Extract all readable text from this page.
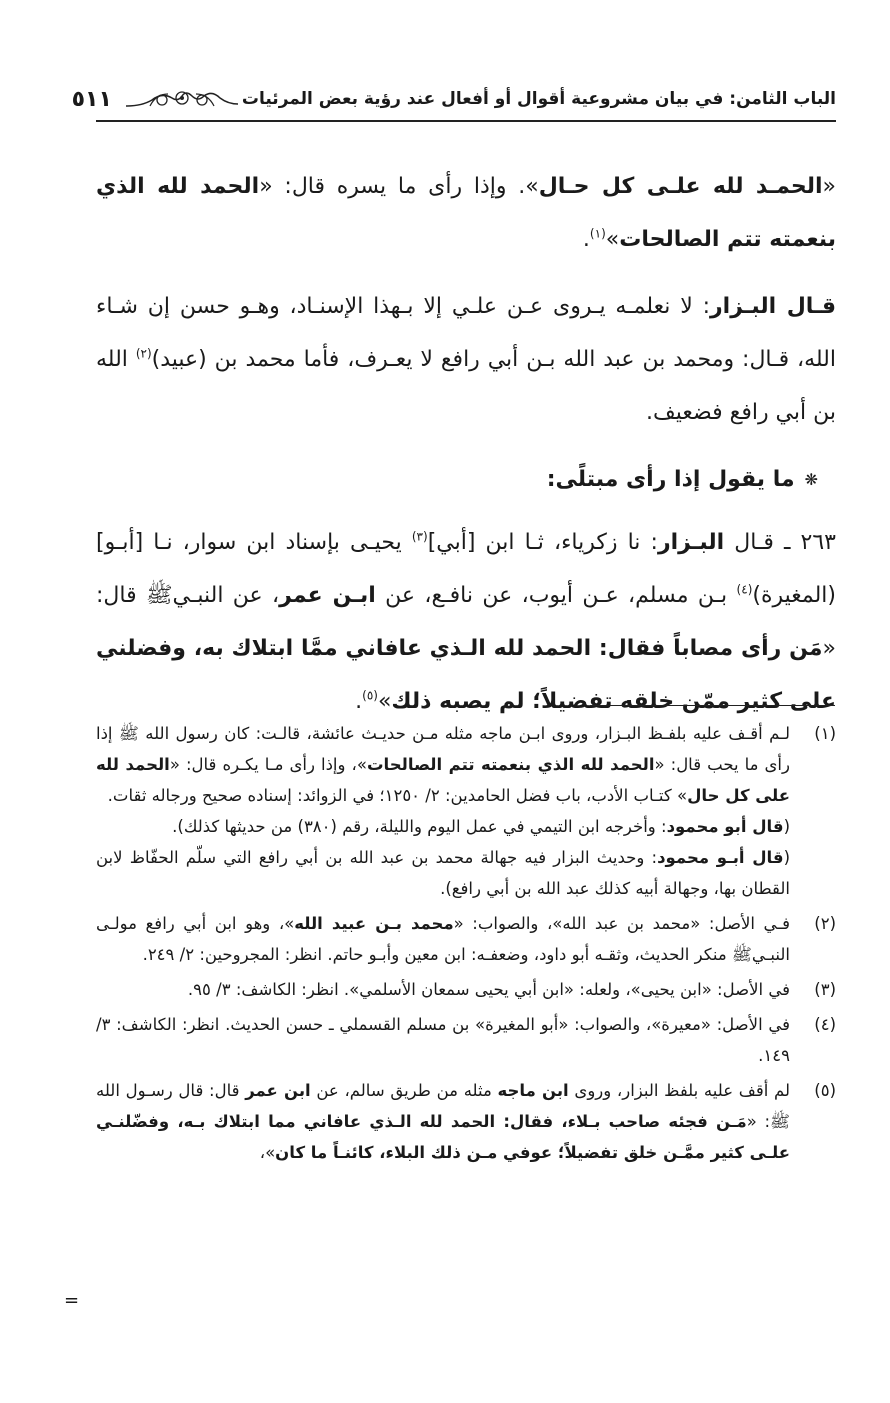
الباب الثامن: في بيان مشروعية أقوال أو أفعال عند رؤية بعض المرئيات
٥١١

«الحمـد لله علـى كل حـال». وإذا رأى ما يسره قال: «الحمد لله الذي بنعمته تتم الصالحات»$^{(١)}$.

قـال البـزار: لا نعلمـه يـروى عـن علـي إلا بـهذا الإسنـاد، وهـو حسن إن شـاء الله، قـال: ومحمد بن عبد الله بـن أبي رافع لا يعـرف، فأما محمد بن (عبيد)$^{(٢)}$ الله بن أبي رافع فضعيف.

❋
ما يقول إذا رأى مبتلًى:

٢٦٣ ـ قـال البـزار: نا زكرياء، ثـا ابن [أبي]$^{(٣)}$ يحيـى بإسناد ابن سوار، نـا [أبـو] (المغيرة)$^{(٤)}$ بـن مسلم، عـن أيوب، عن نافـع، عن ابـن عمر، عن النبـيﷺ قال: «مَن رأى مصاباً فقال: الحمد لله الـذي عافاني ممَّا ابتلاك به، وفضلني على كثير ممّن خلقه تفضيلاً؛ لم يصبه ذلك»$^{(٥)}$.

(١)

لـم أقـف عليه بلفـظ البـزار، وروى ابـن ماجه مثله مـن حديـث عائشة، قالـت: كان رسول الله ﷺ إذا رأى ما يحب قال: «الحمد لله الذي بنعمته تتم الصالحات»، وإذا رأى مـا يكـره قال: «الحمد لله على كل حال» كتـاب الأدب، باب فضل الحامدين: ٢/ ١٢٥٠؛ في الزوائد: إسناده صحيح ورجاله ثقات.

(قال أبو محمود: وأخرجه ابن التيمي في عمل اليوم والليلة، رقم (٣٨٠) من حديثها كذلك).

(قال أبـو محمود: وحديث البزار فيه جهالة محمد بن عبد الله بن أبي رافع التي سلّم الحفّاظ لابن القطان بها، وجهالة أبيه كذلك عبد الله بن أبي رافع).

(٢)

فـي الأصل: «محمد بن عبد الله»، والصواب: «محمد بـن عبيد الله»، وهو ابن أبي رافع مولـى النبـيﷺ منكر الحديث، وثقـه أبو داود، وضعفـه: ابن معين وأبـو حاتم. انظر: المجروحين: ٢/ ٢٤٩.

(٣)

في الأصل: «ابن يحيى»، ولعله: «ابن أبي يحيى سمعان الأسلمي». انظر: الكاشف: ٣/ ٩٥.

(٤)

في الأصل: «معيرة»، والصواب: «أبو المغيرة» بن مسلم القسملي ـ حسن الحديث. انظر: الكاشف: ٣/ ١٤٩.

(٥)

لم أقف عليه بلفظ البزار، وروى ابن ماجه مثله من طريق سالم، عن ابن عمر قال: قال رسـول الله ﷺ: «مَـن فجئه صاحب بـلاء، فقال: الحمد لله الـذي عافاني مما ابتلاك بـه، وفضّلنـي علـى كثير ممَّـن خلق تفضيلاً؛ عوفي مـن ذلك البلاء، كائنـاً ما كان»،

=
